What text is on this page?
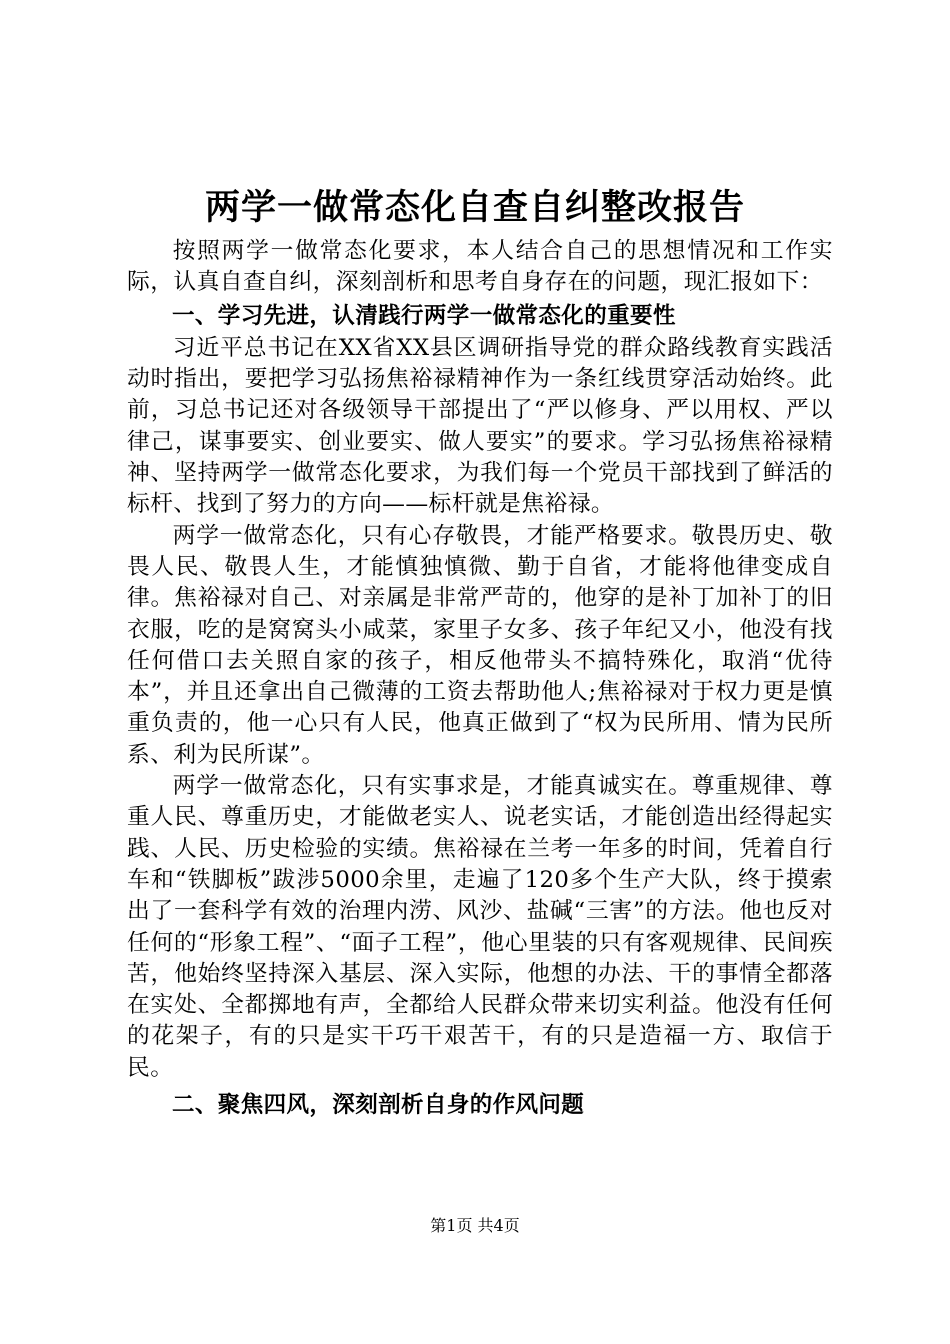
两学一做常态化自查自纠整改报告

按照两学一做常态化要求，本人结合自己的思想情况和工作实际，认真自查自纠，深刻剖析和思考自身存在的问题，现汇报如下：

一、学习先进，认清践行两学一做常态化的重要性

习近平总书记在XX省XX县区调研指导党的群众路线教育实践活动时指出，要把学习弘扬焦裕禄精神作为一条红线贯穿活动始终。此前，习总书记还对各级领导干部提出了“严以修身、严以用权、严以律己，谋事要实、创业要实、做人要实”的要求。学习弘扬焦裕禄精神、坚持两学一做常态化要求，为我们每一个党员干部找到了鲜活的标杆、找到了努力的方向——标杆就是焦裕禄。

两学一做常态化，只有心存敬畏，才能严格要求。敬畏历史、敬畏人民、敬畏人生，才能慎独慎微、勤于自省，才能将他律变成自律。焦裕禄对自己、对亲属是非常严苛的，他穿的是补丁加补丁的旧衣服，吃的是窝窝头小咸菜，家里子女多、孩子年纪又小，他没有找任何借口去关照自家的孩子，相反他带头不搞特殊化，取消“优待本”，并且还拿出自己微薄的工资去帮助他人;焦裕禄对于权力更是慎重负责的，他一心只有人民，他真正做到了“权为民所用、情为民所系、利为民所谋”。

两学一做常态化，只有实事求是，才能真诚实在。尊重规律、尊重人民、尊重历史，才能做老实人、说老实话，才能创造出经得起实践、人民、历史检验的实绩。焦裕禄在兰考一年多的时间，凭着自行车和“铁脚板”跋涉5000余里，走遍了120多个生产大队，终于摸索出了一套科学有效的治理内涝、风沙、盐碱“三害”的方法。他也反对任何的“形象工程”、“面子工程”，他心里装的只有客观规律、民间疾苦，他始终坚持深入基层、深入实际，他想的办法、干的事情全都落在实处、全都掷地有声，全都给人民群众带来切实利益。他没有任何的花架子，有的只是实干巧干艰苦干，有的只是造福一方、取信于民。

二、聚焦四风，深刻剖析自身的作风问题

第1页 共4页
